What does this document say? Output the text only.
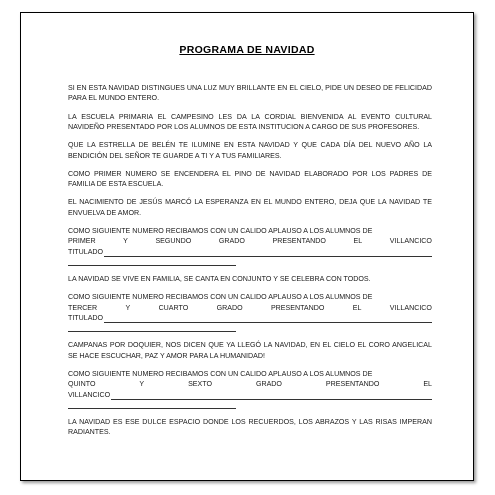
PROGRAMA DE NAVIDAD

SI EN ESTA NAVIDAD DISTINGUES UNA LUZ MUY BRILLANTE EN EL CIELO, PIDE UN DESEO DE FELICIDAD PARA EL MUNDO ENTERO.

LA ESCUELA PRIMARIA EL CAMPESINO LES DA LA CORDIAL BIENVENIDA AL EVENTO CULTURAL NAVIDEÑO PRESENTADO POR LOS ALUMNOS DE ESTA INSTITUCION A CARGO DE SUS PROFESORES.

QUE LA ESTRELLA DE BELÉN TE ILUMINE EN ESTA NAVIDAD Y QUE CADA DÍA DEL NUEVO AÑO LA BENDICIÓN DEL SEÑOR TE GUARDE A TI Y A TUS FAMILIARES.

COMO PRIMER NUMERO SE ENCENDERA EL PINO DE NAVIDAD ELABORADO POR LOS PADRES DE FAMILIA DE ESTA ESCUELA.

EL NACIMIENTO DE JESÚS MARCÓ LA ESPERANZA EN EL MUNDO ENTERO, DEJA QUE LA NAVIDAD TE ENVUELVA DE AMOR.

COMO SIGUIENTE NUMERO RECIBAMOS CON UN CALIDO APLAUSO A LOS ALUMNOS DE
PRIMER	Y	SEGUNDO	GRADO	PRESENTANDO	EL	VILLANCICO
TITULADO

LA NAVIDAD SE VIVE EN FAMILIA, SE CANTA EN CONJUNTO Y SE CELEBRA CON TODOS.

COMO SIGUIENTE NUMERO RECIBAMOS CON UN CALIDO APLAUSO A LOS ALUMNOS DE
TERCER	Y	CUARTO	GRADO	PRESENTANDO	EL	VILLANCICO
TITULADO

CAMPANAS POR DOQUIER, NOS DICEN QUE YA LLEGÓ LA NAVIDAD, EN EL CIELO EL CORO ANGELICAL SE HACE ESCUCHAR, PAZ Y AMOR PARA LA HUMANIDAD!

COMO SIGUIENTE NUMERO RECIBAMOS CON UN CALIDO APLAUSO A LOS ALUMNOS DE
QUINTO	Y	SEXTO	GRADO	PRESENTANDO	EL
VILLANCICO

LA NAVIDAD ES ESE DULCE ESPACIO DONDE LOS RECUERDOS, LOS ABRAZOS Y LAS RISAS IMPERAN RADIANTES.
